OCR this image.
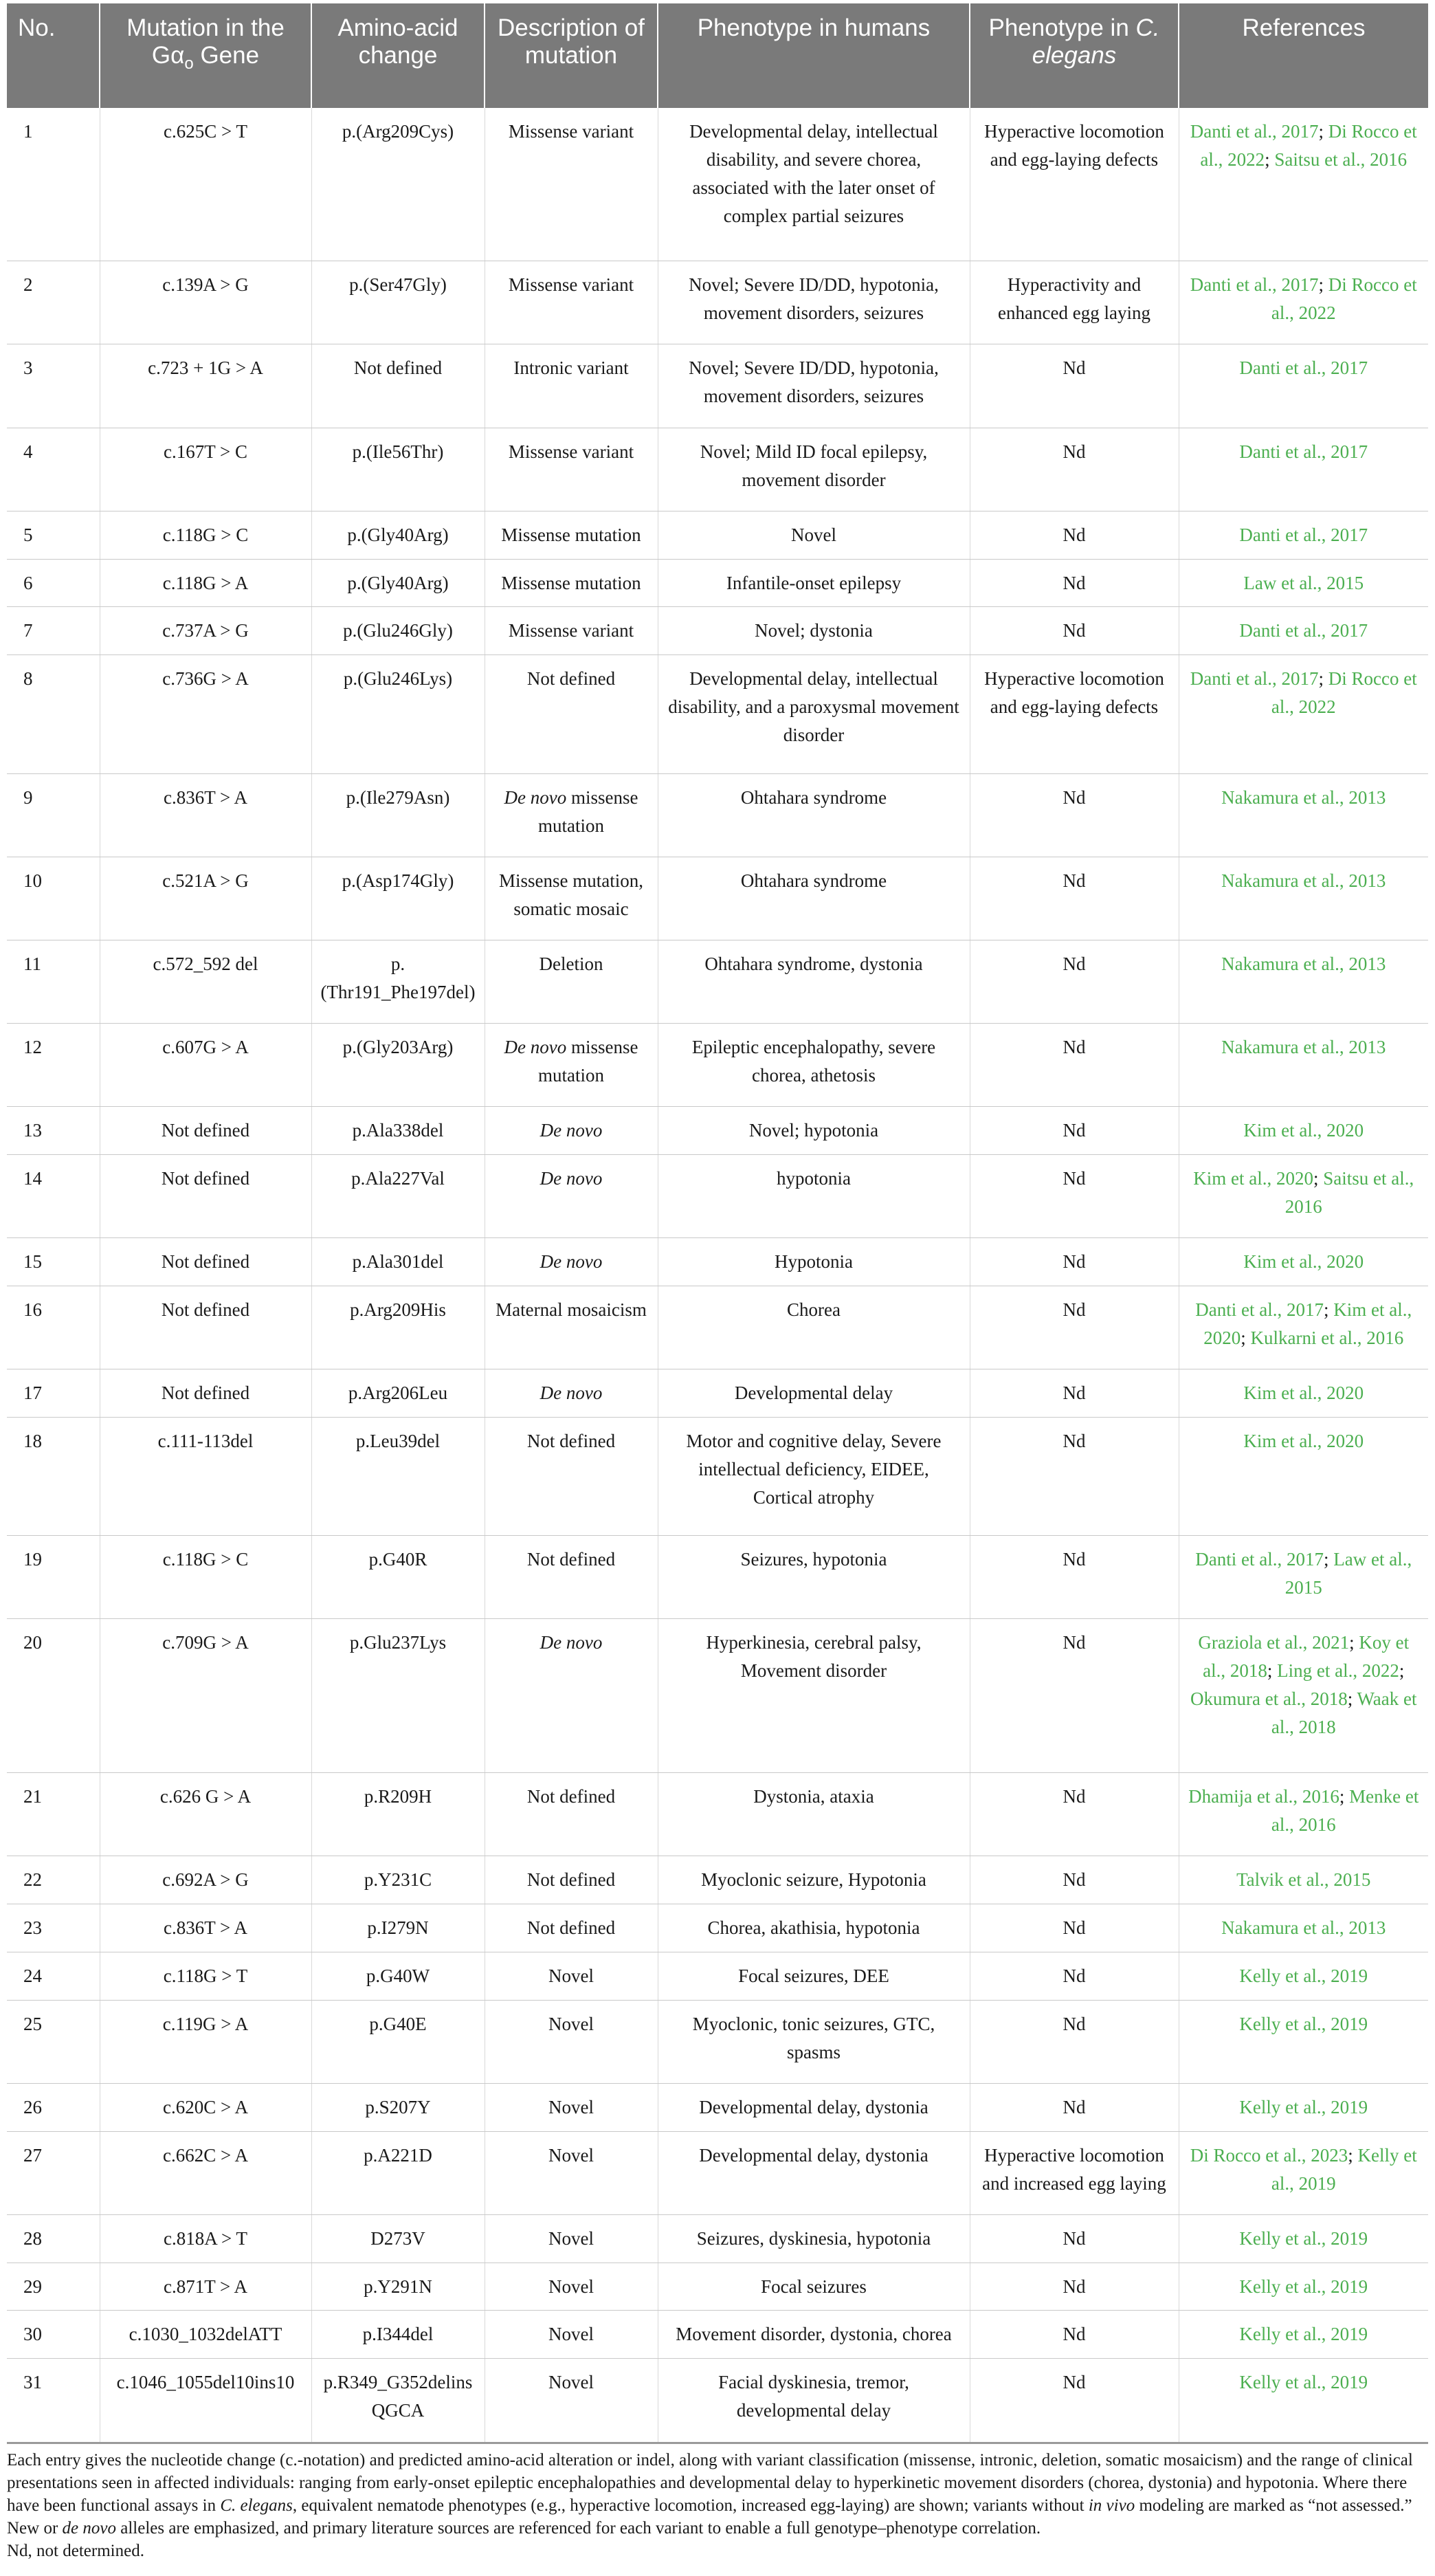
No.	Mutation in the $G\alpha_o$ Gene	Amino-acid change	Description of mutation	Phenotype in humans	Phenotype in C. elegans	References
1	c.625C > T	p.(Arg209Cys)	Missense variant	Developmental delay, intellectual disability, and severe chorea, associated with the later onset of complex partial seizures	Hyperactive locomotion and egg-laying defects	Danti et al., 2017; Di Rocco et al., 2022; Saitsu et al., 2016
2	c.139A > G	p.(Ser47Gly)	Missense variant	Novel; Severe ID/DD, hypotonia, movement disorders, seizures	Hyperactivity and enhanced egg laying	Danti et al., 2017; Di Rocco et al., 2022
3	c.723 + 1G > A	Not defined	Intronic variant	Novel; Severe ID/DD, hypotonia, movement disorders, seizures	Nd	Danti et al., 2017
4	c.167T > C	p.(Ile56Thr)	Missense variant	Novel; Mild ID focal epilepsy, movement disorder	Nd	Danti et al., 2017
5	c.118G > C	p.(Gly40Arg)	Missense mutation	Novel	Nd	Danti et al., 2017
6	c.118G > A	p.(Gly40Arg)	Missense mutation	Infantile-onset epilepsy	Nd	Law et al., 2015
7	c.737A > G	p.(Glu246Gly)	Missense variant	Novel; dystonia	Nd	Danti et al., 2017
8	c.736G > A	p.(Glu246Lys)	Not defined	Developmental delay, intellectual disability, and a paroxysmal movement disorder	Hyperactive locomotion and egg-laying defects	Danti et al., 2017; Di Rocco et al., 2022
9	c.836T > A	p.(Ile279Asn)	De novo missense mutation	Ohtahara syndrome	Nd	Nakamura et al., 2013
10	c.521A > G	p.(Asp174Gly)	Missense mutation, somatic mosaic	Ohtahara syndrome	Nd	Nakamura et al., 2013
11	c.572_592 del	p.(Thr191_Phe197del)	Deletion	Ohtahara syndrome, dystonia	Nd	Nakamura et al., 2013
12	c.607G > A	p.(Gly203Arg)	De novo missense mutation	Epileptic encephalopathy, severe chorea, athetosis	Nd	Nakamura et al., 2013
13	Not defined	p.Ala338del	De novo	Novel; hypotonia	Nd	Kim et al., 2020
14	Not defined	p.Ala227Val	De novo	hypotonia	Nd	Kim et al., 2020; Saitsu et al., 2016
15	Not defined	p.Ala301del	De novo	Hypotonia	Nd	Kim et al., 2020
16	Not defined	p.Arg209His	Maternal mosaicism	Chorea	Nd	Danti et al., 2017; Kim et al., 2020; Kulkarni et al., 2016
17	Not defined	p.Arg206Leu	De novo	Developmental delay	Nd	Kim et al., 2020
18	c.111-113del	p.Leu39del	Not defined	Motor and cognitive delay, Severe intellectual deficiency, EIDEE, Cortical atrophy	Nd	Kim et al., 2020
19	c.118G > C	p.G40R	Not defined	Seizures, hypotonia	Nd	Danti et al., 2017; Law et al., 2015
20	c.709G > A	p.Glu237Lys	De novo	Hyperkinesia, cerebral palsy, Movement disorder	Nd	Graziola et al., 2021; Koy et al., 2018; Ling et al., 2022; Okumura et al., 2018; Waak et al., 2018
21	c.626 G > A	p.R209H	Not defined	Dystonia, ataxia	Nd	Dhamija et al., 2016; Menke et al., 2016
22	c.692A > G	p.Y231C	Not defined	Myoclonic seizure, Hypotonia	Nd	Talvik et al., 2015
23	c.836T > A	p.I279N	Not defined	Chorea, akathisia, hypotonia	Nd	Nakamura et al., 2013
24	c.118G > T	p.G40W	Novel	Focal seizures, DEE	Nd	Kelly et al., 2019
25	c.119G > A	p.G40E	Novel	Myoclonic, tonic seizures, GTC, spasms	Nd	Kelly et al., 2019
26	c.620C > A	p.S207Y	Novel	Developmental delay, dystonia	Nd	Kelly et al., 2019
27	c.662C > A	p.A221D	Novel	Developmental delay, dystonia	Hyperactive locomotion and increased egg laying	Di Rocco et al., 2023; Kelly et al., 2019
28	c.818A > T	D273V	Novel	Seizures, dyskinesia, hypotonia	Nd	Kelly et al., 2019
29	c.871T > A	p.Y291N	Novel	Focal seizures	Nd	Kelly et al., 2019
30	c.1030_1032delATT	p.I344del	Novel	Movement disorder, dystonia, chorea	Nd	Kelly et al., 2019
31	c.1046_1055del10ins10	p.R349_G352delins QGCA	Novel	Facial dyskinesia, tremor, developmental delay	Nd	Kelly et al., 2019

Each entry gives the nucleotide change (c.-notation) and predicted amino-acid alteration or indel, along with variant classification (missense, intronic, deletion, somatic mosaicism) and the range of clinical presentations seen in affected individuals: ranging from early-onset epileptic encephalopathies and developmental delay to hyperkinetic movement disorders (chorea, dystonia) and hypotonia. Where there have been functional assays in C. elegans, equivalent nematode phenotypes (e.g., hyperactive locomotion, increased egg-laying) are shown; variants without in vivo modeling are marked as “not assessed.” New or de novo alleles are emphasized, and primary literature sources are referenced for each variant to enable a full genotype–phenotype correlation.

Nd, not determined.
